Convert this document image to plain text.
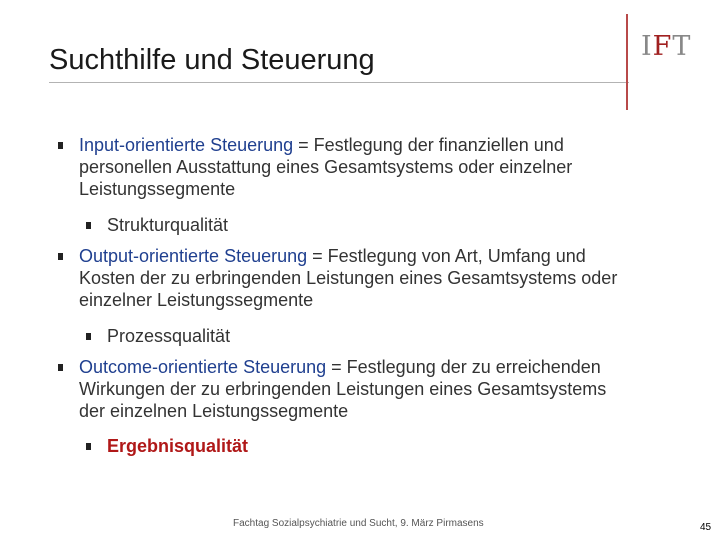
Suchthilfe und Steuerung	IFT
Input-orientierte Steuerung = Festlegung der finanziellen und
personellen Ausstattung eines Gesamtsystems oder einzelner
Leistungssegmente
Strukturqualität
Output-orientierte Steuerung = Festlegung von Art, Umfang und
Kosten der zu erbringenden Leistungen eines Gesamtsystems oder
einzelner Leistungssegmente
Prozessqualität
Outcome-orientierte Steuerung = Festlegung der zu erreichenden
Wirkungen der zu erbringenden Leistungen eines Gesamtsystems
der einzelnen Leistungssegmente
Ergebnisqualität
Fachtag Sozialpsychiatrie und Sucht, 9. März Pirmasens	45
